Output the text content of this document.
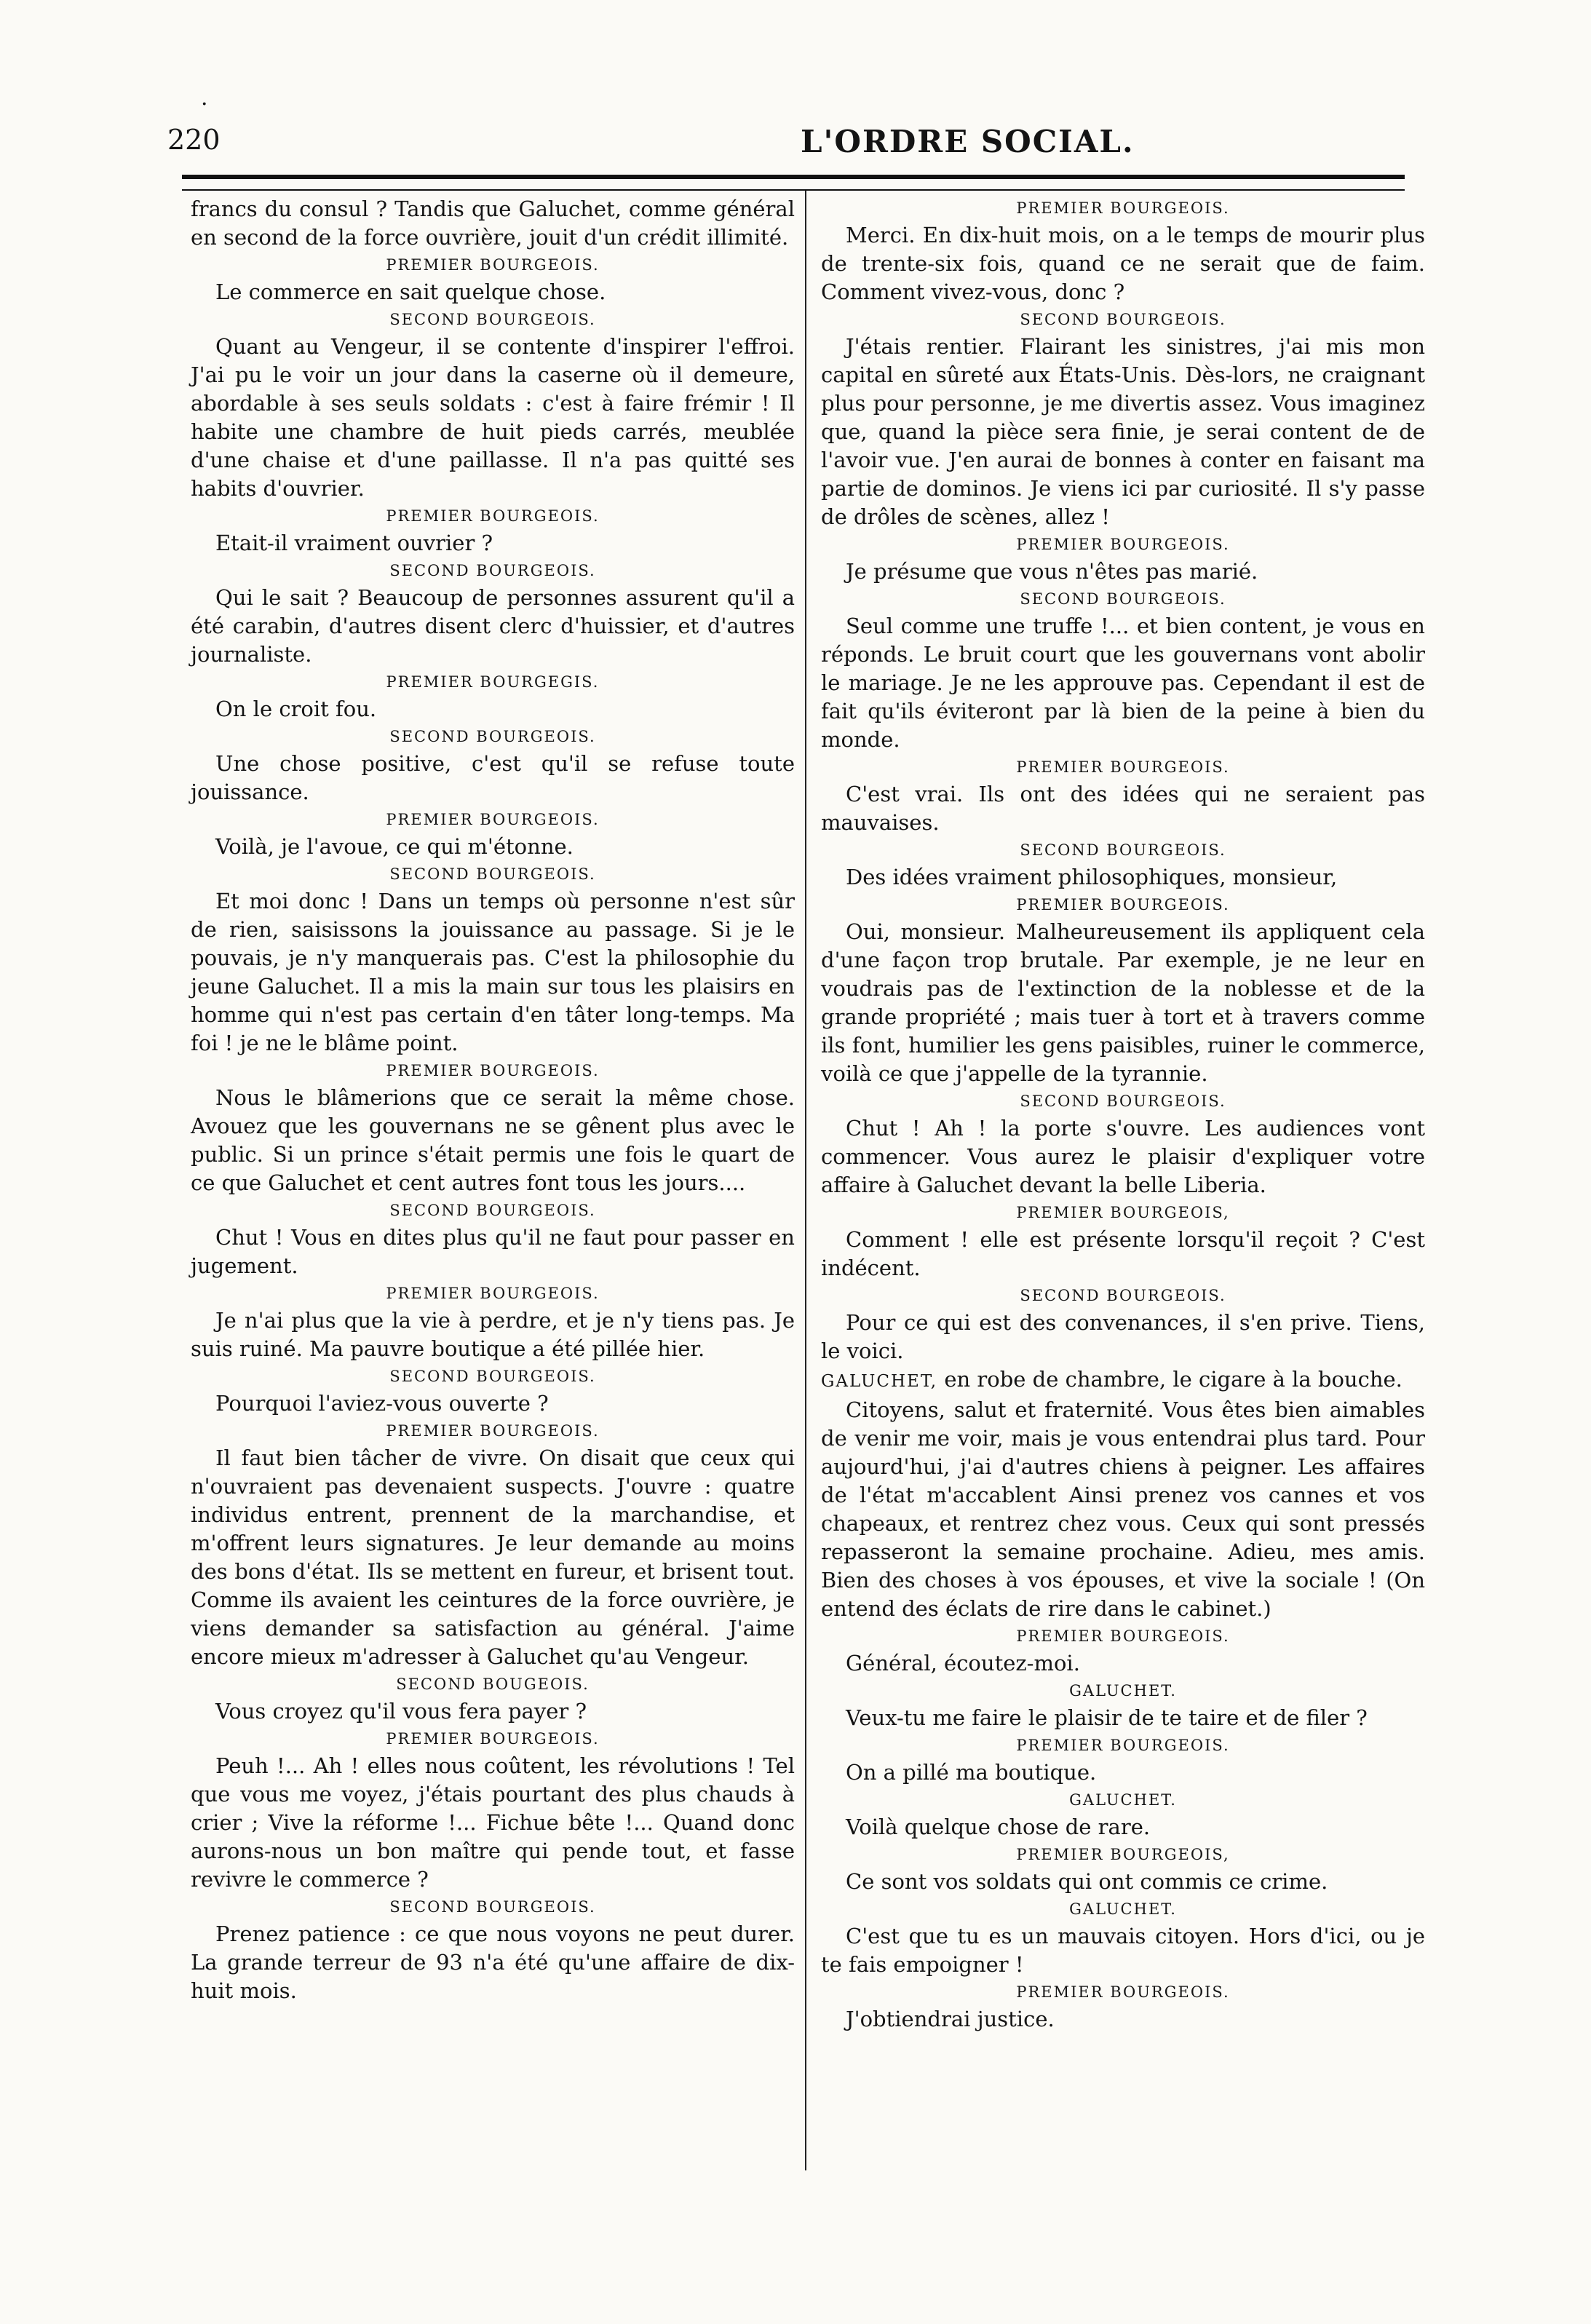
·
220	L'ORDRE SOCIAL.

francs du consul ? Tandis que Galuchet, comme général en second de la force ouvrière, jouit d'un crédit illimité.

PREMIER BOURGEOIS.

Le commerce en sait quelque chose.

SECOND BOURGEOIS.

Quant au Vengeur, il se contente d'inspirer l'effroi. J'ai pu le voir un jour dans la caserne où il demeure, abordable à ses seuls soldats : c'est à faire frémir ! Il habite une chambre de huit pieds carrés, meublée d'une chaise et d'une paillasse. Il n'a pas quitté ses habits d'ouvrier.

PREMIER BOURGEOIS.

Etait-il vraiment ouvrier ?

SECOND BOURGEOIS.

Qui le sait ? Beaucoup de personnes assurent qu'il a été carabin, d'autres disent clerc d'huissier, et d'autres journaliste.

PREMIER BOURGEGIS.

On le croit fou.

SECOND BOURGEOIS.

Une chose positive, c'est qu'il se refuse toute jouissance.

PREMIER BOURGEOIS.

Voilà, je l'avoue, ce qui m'étonne.

SECOND BOURGEOIS.

Et moi donc ! Dans un temps où personne n'est sûr de rien, saisissons la jouissance au passage. Si je le pouvais, je n'y manquerais pas. C'est la philosophie du jeune Galuchet. Il a mis la main sur tous les plaisirs en homme qui n'est pas certain d'en tâter long-temps. Ma foi ! je ne le blâme point.

PREMIER BOURGEOIS.

Nous le blâmerions que ce serait la même chose. Avouez que les gouvernans ne se gênent plus avec le public. Si un prince s'était permis une fois le quart de ce que Galuchet et cent autres font tous les jours....

SECOND BOURGEOIS.

Chut ! Vous en dites plus qu'il ne faut pour passer en jugement.

PREMIER BOURGEOIS.

Je n'ai plus que la vie à perdre, et je n'y tiens pas. Je suis ruiné. Ma pauvre boutique a été pillée hier.

SECOND BOURGEOIS.

Pourquoi l'aviez-vous ouverte ?

PREMIER BOURGEOIS.

Il faut bien tâcher de vivre. On disait que ceux qui n'ouvraient pas devenaient suspects. J'ouvre : quatre individus entrent, prennent de la marchandise, et m'offrent leurs signatures. Je leur demande au moins des bons d'état. Ils se mettent en fureur, et brisent tout. Comme ils avaient les ceintures de la force ouvrière, je viens demander sa satisfaction au général. J'aime encore mieux m'adresser à Galuchet qu'au Vengeur.

SECOND BOUGEOIS.

Vous croyez qu'il vous fera payer ?

PREMIER BOURGEOIS.

Peuh !... Ah ! elles nous coûtent, les révolutions ! Tel que vous me voyez, j'étais pourtant des plus chauds à crier ; Vive la réforme !... Fichue bête !... Quand donc aurons-nous un bon maître qui pende tout, et fasse revivre le commerce ?

SECOND BOURGEOIS.

Prenez patience : ce que nous voyons ne peut durer. La grande terreur de 93 n'a été qu'une affaire de dix-huit mois.

PREMIER BOURGEOIS.

Merci. En dix-huit mois, on a le temps de mourir plus de trente-six fois, quand ce ne serait que de faim. Comment vivez-vous, donc ?

SECOND BOURGEOIS.

J'étais rentier. Flairant les sinistres, j'ai mis mon capital en sûreté aux États-Unis. Dès-lors, ne craignant plus pour personne, je me divertis assez. Vous imaginez que, quand la pièce sera finie, je serai content de de l'avoir vue. J'en aurai de bonnes à conter en faisant ma partie de dominos. Je viens ici par curiosité. Il s'y passe de drôles de scènes, allez !

PREMIER BOURGEOIS.

Je présume que vous n'êtes pas marié.

SECOND BOURGEOIS.

Seul comme une truffe !... et bien content, je vous en réponds. Le bruit court que les gouvernans vont abolir le mariage. Je ne les approuve pas. Cependant il est de fait qu'ils éviteront par là bien de la peine à bien du monde.

PREMIER BOURGEOIS.

C'est vrai. Ils ont des idées qui ne seraient pas mauvaises.

SECOND BOURGEOIS.

Des idées vraiment philosophiques, monsieur,

PREMIER BOURGEOIS.

Oui, monsieur. Malheureusement ils appliquent cela d'une façon trop brutale. Par exemple, je ne leur en voudrais pas de l'extinction de la noblesse et de la grande propriété ; mais tuer à tort et à travers comme ils font, humilier les gens paisibles, ruiner le commerce, voilà ce que j'appelle de la tyrannie.

SECOND BOURGEOIS.

Chut ! Ah ! la porte s'ouvre. Les audiences vont commencer. Vous aurez le plaisir d'expliquer votre affaire à Galuchet devant la belle Liberia.

PREMIER BOURGEOIS,

Comment ! elle est présente lorsqu'il reçoit ? C'est indécent.

SECOND BOURGEOIS.

Pour ce qui est des convenances, il s'en prive. Tiens, le voici.

GALUCHET, en robe de chambre, le cigare à la bouche.

Citoyens, salut et fraternité. Vous êtes bien aimables de venir me voir, mais je vous entendrai plus tard. Pour aujourd'hui, j'ai d'autres chiens à peigner. Les affaires de l'état m'accablent Ainsi prenez vos cannes et vos chapeaux, et rentrez chez vous. Ceux qui sont pressés repasseront la semaine prochaine. Adieu, mes amis. Bien des choses à vos épouses, et vive la sociale ! (On entend des éclats de rire dans le cabinet.)

PREMIER BOURGEOIS.

Général, écoutez-moi.

GALUCHET.

Veux-tu me faire le plaisir de te taire et de filer ?

PREMIER BOURGEOIS.

On a pillé ma boutique.

GALUCHET.

Voilà quelque chose de rare.

PREMIER BOURGEOIS,

Ce sont vos soldats qui ont commis ce crime.

GALUCHET.

C'est que tu es un mauvais citoyen. Hors d'ici, ou je te fais empoigner !

PREMIER BOURGEOIS.

J'obtiendrai justice.
